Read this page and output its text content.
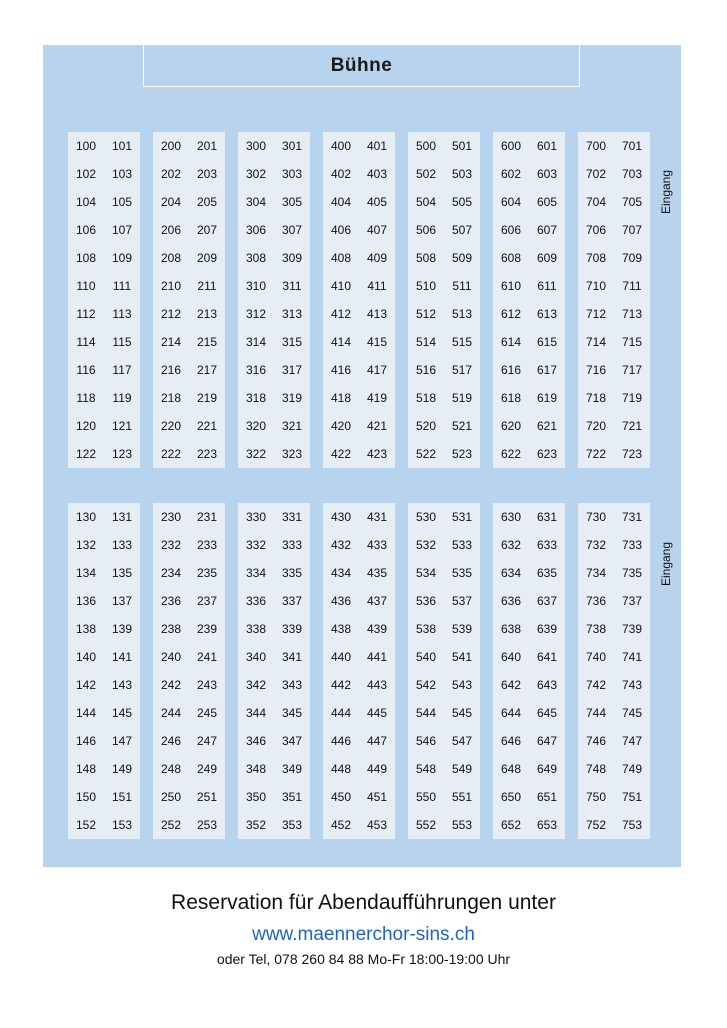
Bühne
100	101
102	103
104	105
106	107
108	109
110	111
112	113
114	115
116	117
118	119
120	121
122	123
200	201
202	203
204	205
206	207
208	209
210	211
212	213
214	215
216	217
218	219
220	221
222	223
300	301
302	303
304	305
306	307
308	309
310	311
312	313
314	315
316	317
318	319
320	321
322	323
400	401
402	403
404	405
406	407
408	409
410	411
412	413
414	415
416	417
418	419
420	421
422	423
500	501
502	503
504	505
506	507
508	509
510	511
512	513
514	515
516	517
518	519
520	521
522	523
600	601
602	603
604	605
606	607
608	609
610	611
612	613
614	615
616	617
618	619
620	621
622	623
700	701
702	703
704	705
706	707
708	709
710	711
712	713
714	715
716	717
718	719
720	721
722	723
130	131
132	133
134	135
136	137
138	139
140	141
142	143
144	145
146	147
148	149
150	151
152	153
230	231
232	233
234	235
236	237
238	239
240	241
242	243
244	245
246	247
248	249
250	251
252	253
330	331
332	333
334	335
336	337
338	339
340	341
342	343
344	345
346	347
348	349
350	351
352	353
430	431
432	433
434	435
436	437
438	439
440	441
442	443
444	445
446	447
448	449
450	451
452	453
530	531
532	533
534	535
536	537
538	539
540	541
542	543
544	545
546	547
548	549
550	551
552	553
630	631
632	633
634	635
636	637
638	639
640	641
642	643
644	645
646	647
648	649
650	651
652	653
730	731
732	733
734	735
736	737
738	739
740	741
742	743
744	745
746	747
748	749
750	751
752	753
Eingang
Eingang
Reservation für Abendaufführungen unter
www.maennerchor-sins.ch
oder Tel, 078 260 84 88 Mo-Fr 18:00-19:00 Uhr
